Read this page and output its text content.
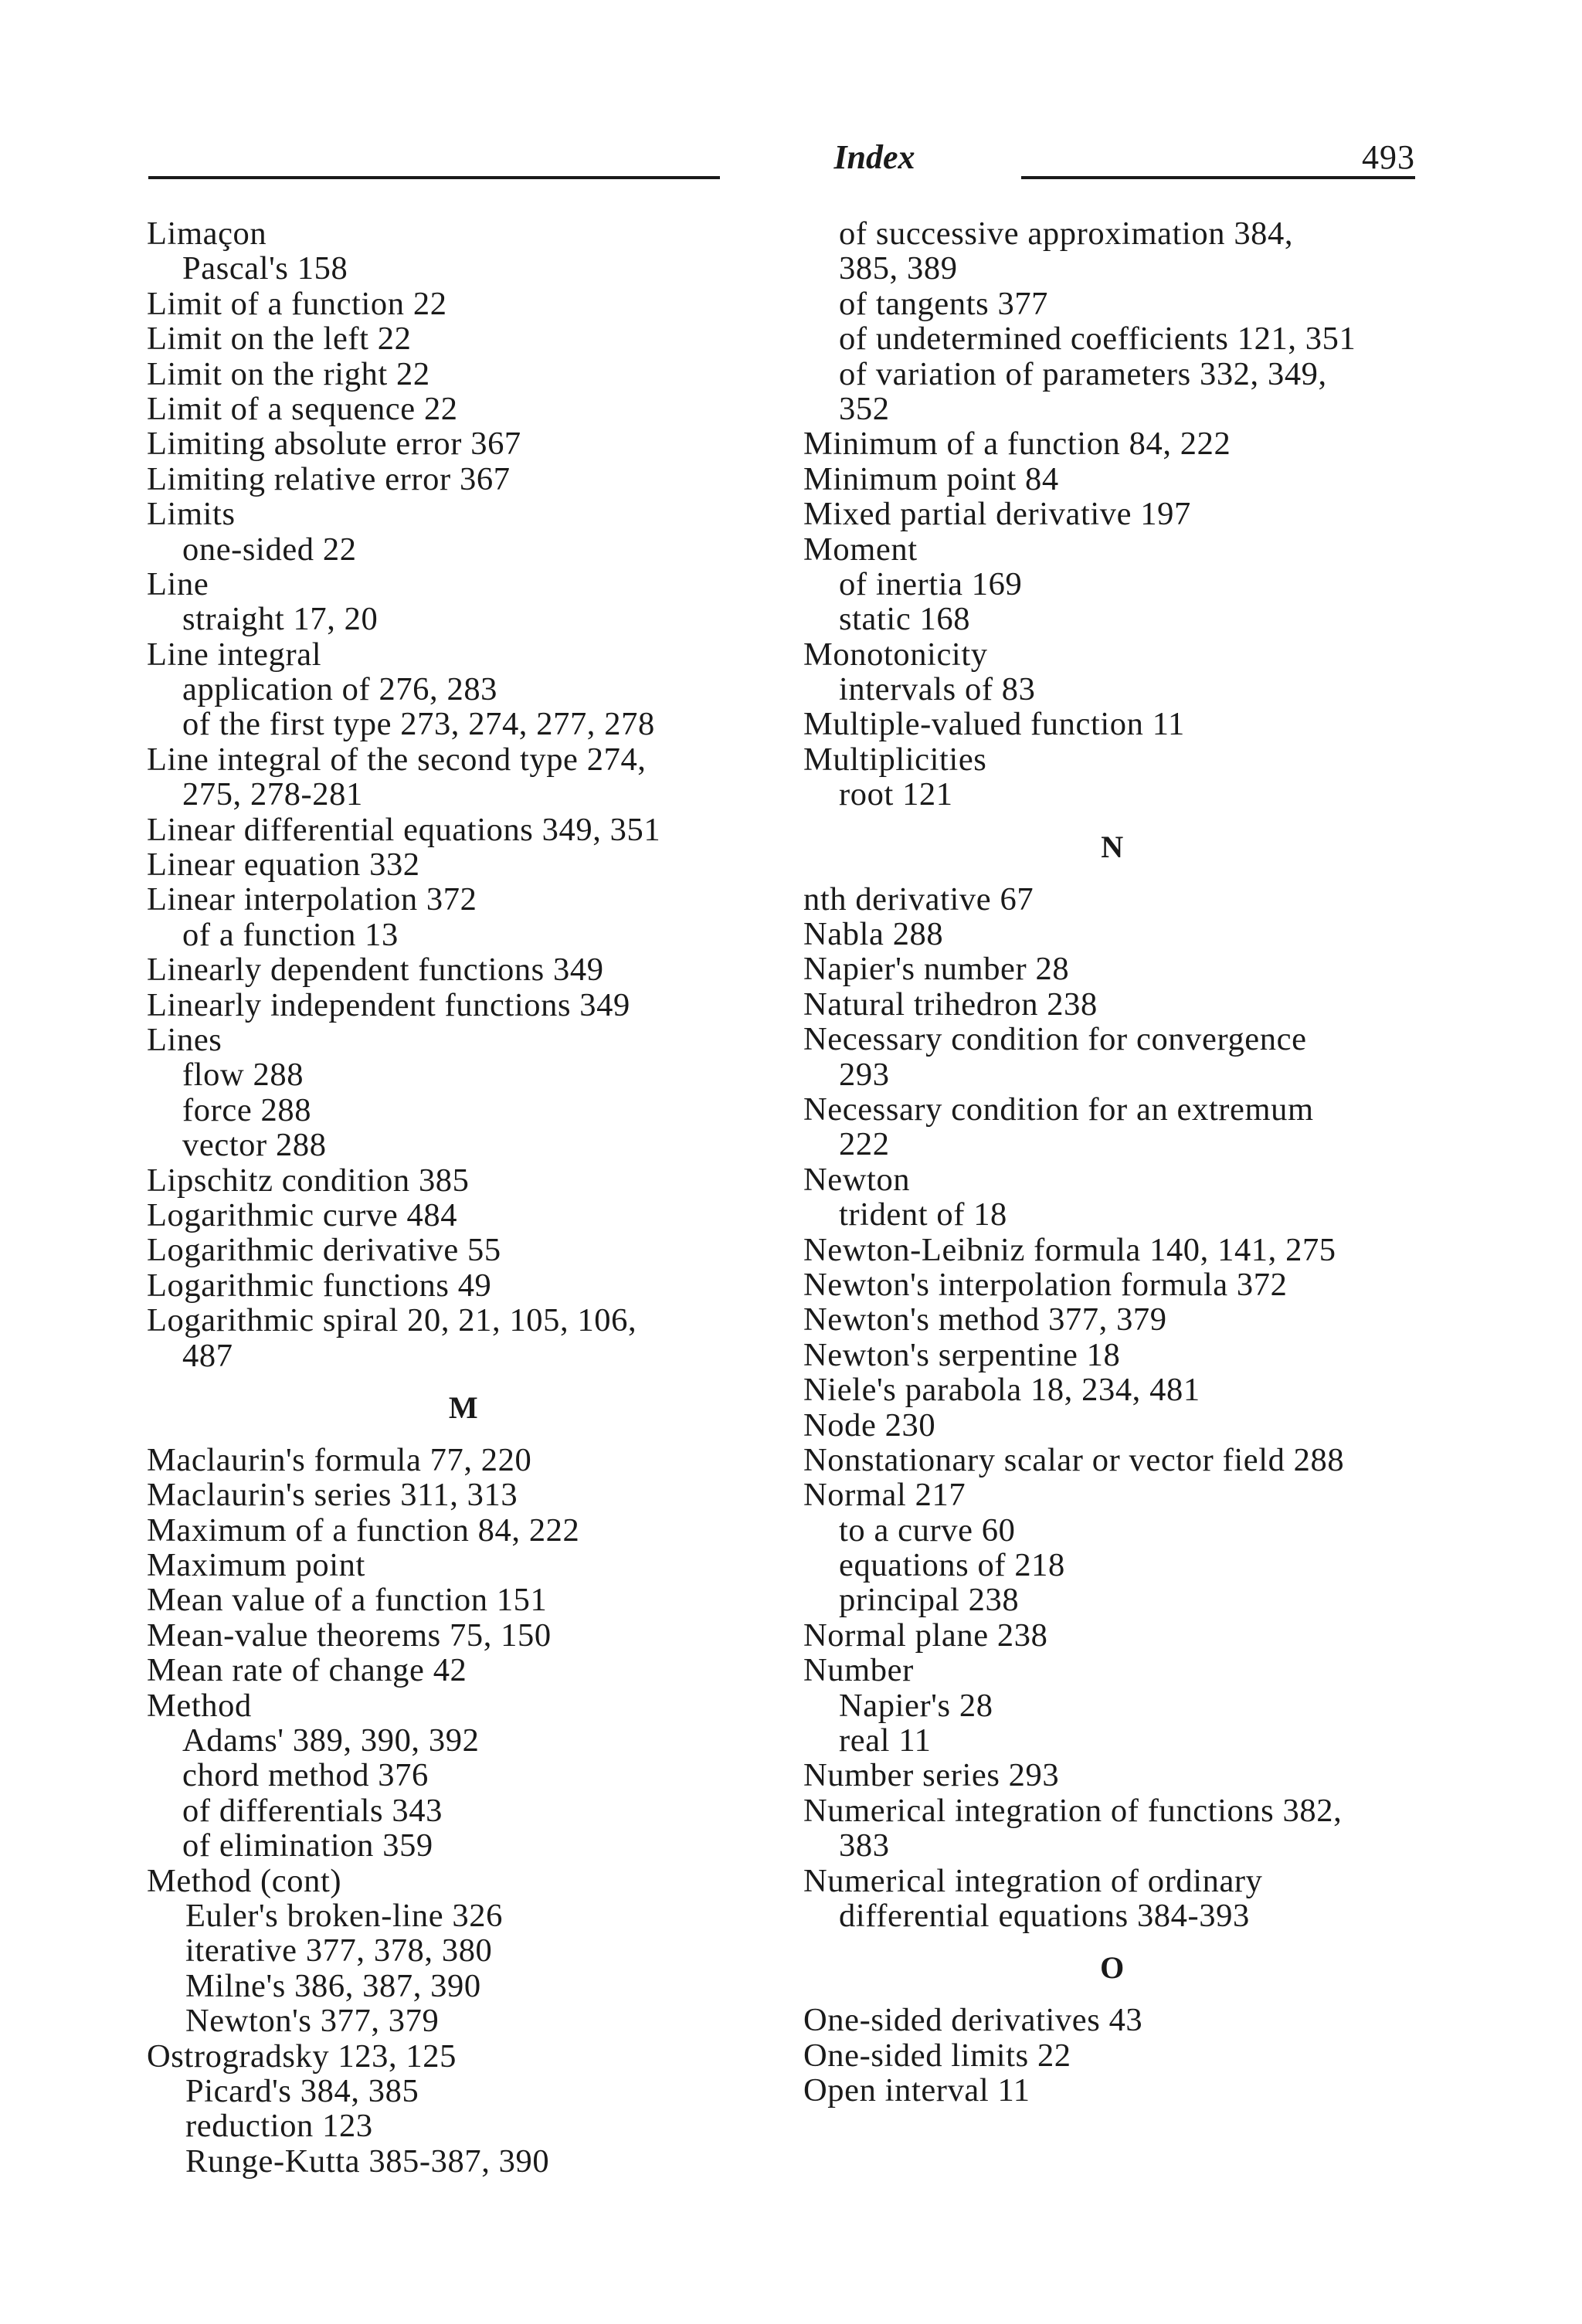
Index	493
Limaçon
Pascal's 158
Limit of a function 22
Limit on the left 22
Limit on the right 22
Limit of a sequence 22
Limiting absolute error 367
Limiting relative error 367
Limits
one-sided 22
Line
straight 17, 20
Line integral
application of 276, 283
of the first type 273, 274, 277, 278
Line integral of the second type 274,
275, 278-281
Linear differential equations 349, 351
Linear equation 332
Linear interpolation 372
of a function 13
Linearly dependent functions 349
Linearly independent functions 349
Lines
flow 288
force 288
vector 288
Lipschitz condition 385
Logarithmic curve 484
Logarithmic derivative 55
Logarithmic functions 49
Logarithmic spiral 20, 21, 105, 106,
487
M
Maclaurin's formula 77, 220
Maclaurin's series 311, 313
Maximum of a function 84, 222
Maximum point
Mean value of a function 151
Mean-value theorems 75, 150
Mean rate of change 42
Method
Adams' 389, 390, 392
chord method 376
of differentials 343
of elimination 359
Method (cont)
Euler's broken-line 326
iterative 377, 378, 380
Milne's 386, 387, 390
Newton's 377, 379
Ostrogradsky 123, 125
Picard's 384, 385
reduction 123
Runge-Kutta 385-387, 390
of successive approximation 384,
385, 389
of tangents 377
of undetermined coefficients 121, 351
of variation of parameters 332, 349,
352
Minimum of a function 84, 222
Minimum point 84
Mixed partial derivative 197
Moment
of inertia 169
static 168
Monotonicity
intervals of 83
Multiple-valued function 11
Multiplicities
root 121
N
nth derivative 67
Nabla 288
Napier's number 28
Natural trihedron 238
Necessary condition for convergence
293
Necessary condition for an extremum
222
Newton
trident of 18
Newton-Leibniz formula 140, 141, 275
Newton's interpolation formula 372
Newton's method 377, 379
Newton's serpentine 18
Niele's parabola 18, 234, 481
Node 230
Nonstationary scalar or vector field 288
Normal 217
to a curve 60
equations of 218
principal 238
Normal plane 238
Number
Napier's 28
real 11
Number series 293
Numerical integration of functions 382,
383
Numerical integration of ordinary
differential equations 384-393
O
One-sided derivatives 43
One-sided limits 22
Open interval 11
